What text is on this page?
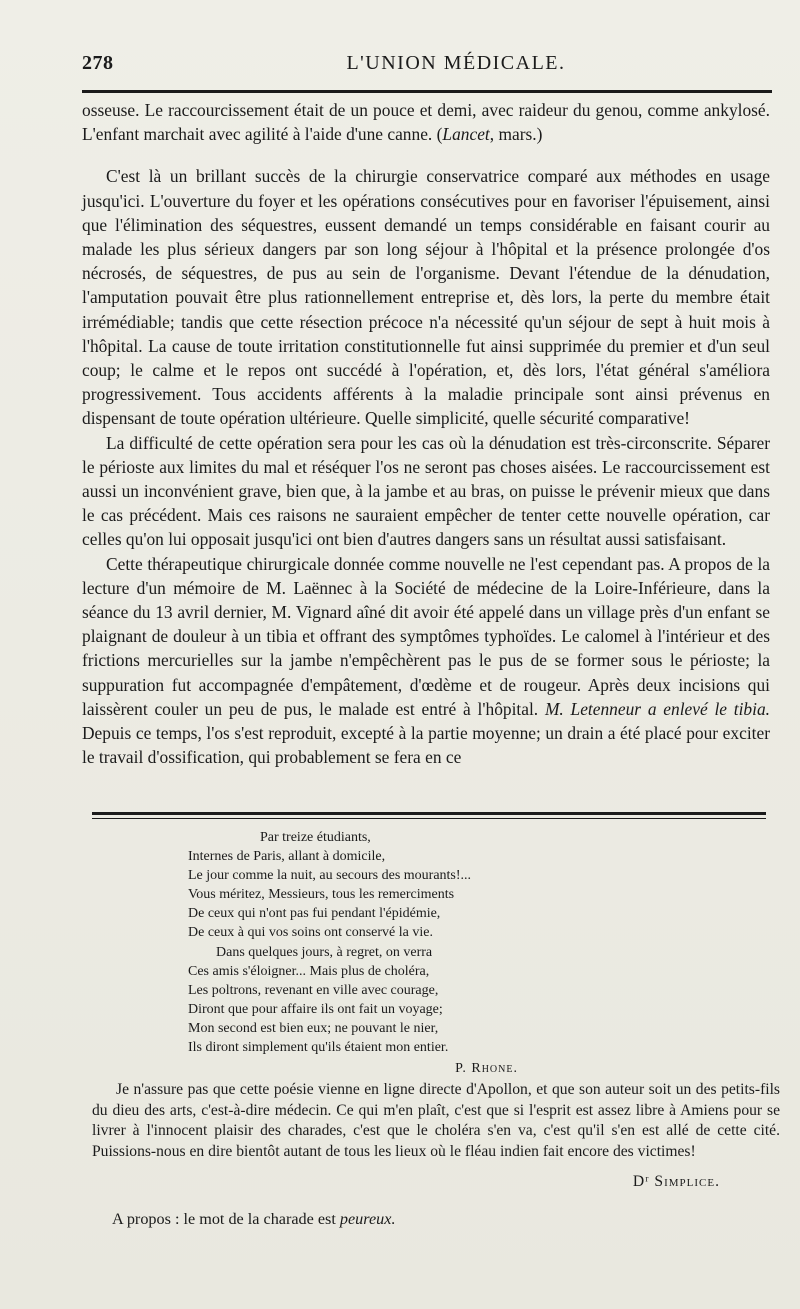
278	L'UNION MÉDICALE.

osseuse. Le raccourcissement était de un pouce et demi, avec raideur du genou, comme ankylosé. L'enfant marchait avec agilité à l'aide d'une canne. (Lancet, mars.)

C'est là un brillant succès de la chirurgie conservatrice comparé aux méthodes en usage jusqu'ici. L'ouverture du foyer et les opérations consécutives pour en favoriser l'épuisement, ainsi que l'élimination des séquestres, eussent demandé un temps considérable en faisant courir au malade les plus sérieux dangers par son long séjour à l'hôpital et la présence prolongée d'os nécrosés, de séquestres, de pus au sein de l'organisme. Devant l'étendue de la dénudation, l'amputation pouvait être plus rationnellement entreprise et, dès lors, la perte du membre était irrémédiable; tandis que cette résection précoce n'a nécessité qu'un séjour de sept à huit mois à l'hôpital. La cause de toute irritation constitutionnelle fut ainsi supprimée du premier et d'un seul coup; le calme et le repos ont succédé à l'opération, et, dès lors, l'état général s'améliora progressivement. Tous accidents afférents à la maladie principale sont ainsi prévenus en dispensant de toute opération ultérieure. Quelle simplicité, quelle sécurité comparative!

La difficulté de cette opération sera pour les cas où la dénudation est très-circonscrite. Séparer le périoste aux limites du mal et réséquer l'os ne seront pas choses aisées. Le raccourcissement est aussi un inconvénient grave, bien que, à la jambe et au bras, on puisse le prévenir mieux que dans le cas précédent. Mais ces raisons ne sauraient empêcher de tenter cette nouvelle opération, car celles qu'on lui opposait jusqu'ici ont bien d'autres dangers sans un résultat aussi satisfaisant.

Cette thérapeutique chirurgicale donnée comme nouvelle ne l'est cependant pas. A propos de la lecture d'un mémoire de M. Laënnec à la Société de médecine de la Loire-Inférieure, dans la séance du 13 avril dernier, M. Vignard aîné dit avoir été appelé dans un village près d'un enfant se plaignant de douleur à un tibia et offrant des symptômes typhoïdes. Le calomel à l'intérieur et des frictions mercurielles sur la jambe n'empêchèrent pas le pus de se former sous le périoste; la suppuration fut accompagnée d'empâtement, d'œdème et de rougeur. Après deux incisions qui laissèrent couler un peu de pus, le malade est entré à l'hôpital. M. Letenneur a enlevé le tibia. Depuis ce temps, l'os s'est reproduit, excepté à la partie moyenne; un drain a été placé pour exciter le travail d'ossification, qui probablement se fera en ce

Par treize étudiants,
Internes de Paris, allant à domicile,
Le jour comme la nuit, au secours des mourants!...
Vous méritez, Messieurs, tous les remerciments
De ceux qui n'ont pas fui pendant l'épidémie,
De ceux à qui vos soins ont conservé la vie.
Dans quelques jours, à regret, on verra
Ces amis s'éloigner... Mais plus de choléra,
Les poltrons, revenant en ville avec courage,
Diront que pour affaire ils ont fait un voyage;
Mon second est bien eux; ne pouvant le nier,
Ils diront simplement qu'ils étaient mon entier.
P. Rhone.

Je n'assure pas que cette poésie vienne en ligne directe d'Apollon, et que son auteur soit un des petits-fils du dieu des arts, c'est-à-dire médecin. Ce qui m'en plaît, c'est que si l'esprit est assez libre à Amiens pour se livrer à l'innocent plaisir des charades, c'est que le choléra s'en va, c'est qu'il s'en est allé de cette cité. Puissions-nous en dire bientôt autant de tous les lieux où le fléau indien fait encore des victimes!

Dʳ Simplice.

A propos : le mot de la charade est peureux.
